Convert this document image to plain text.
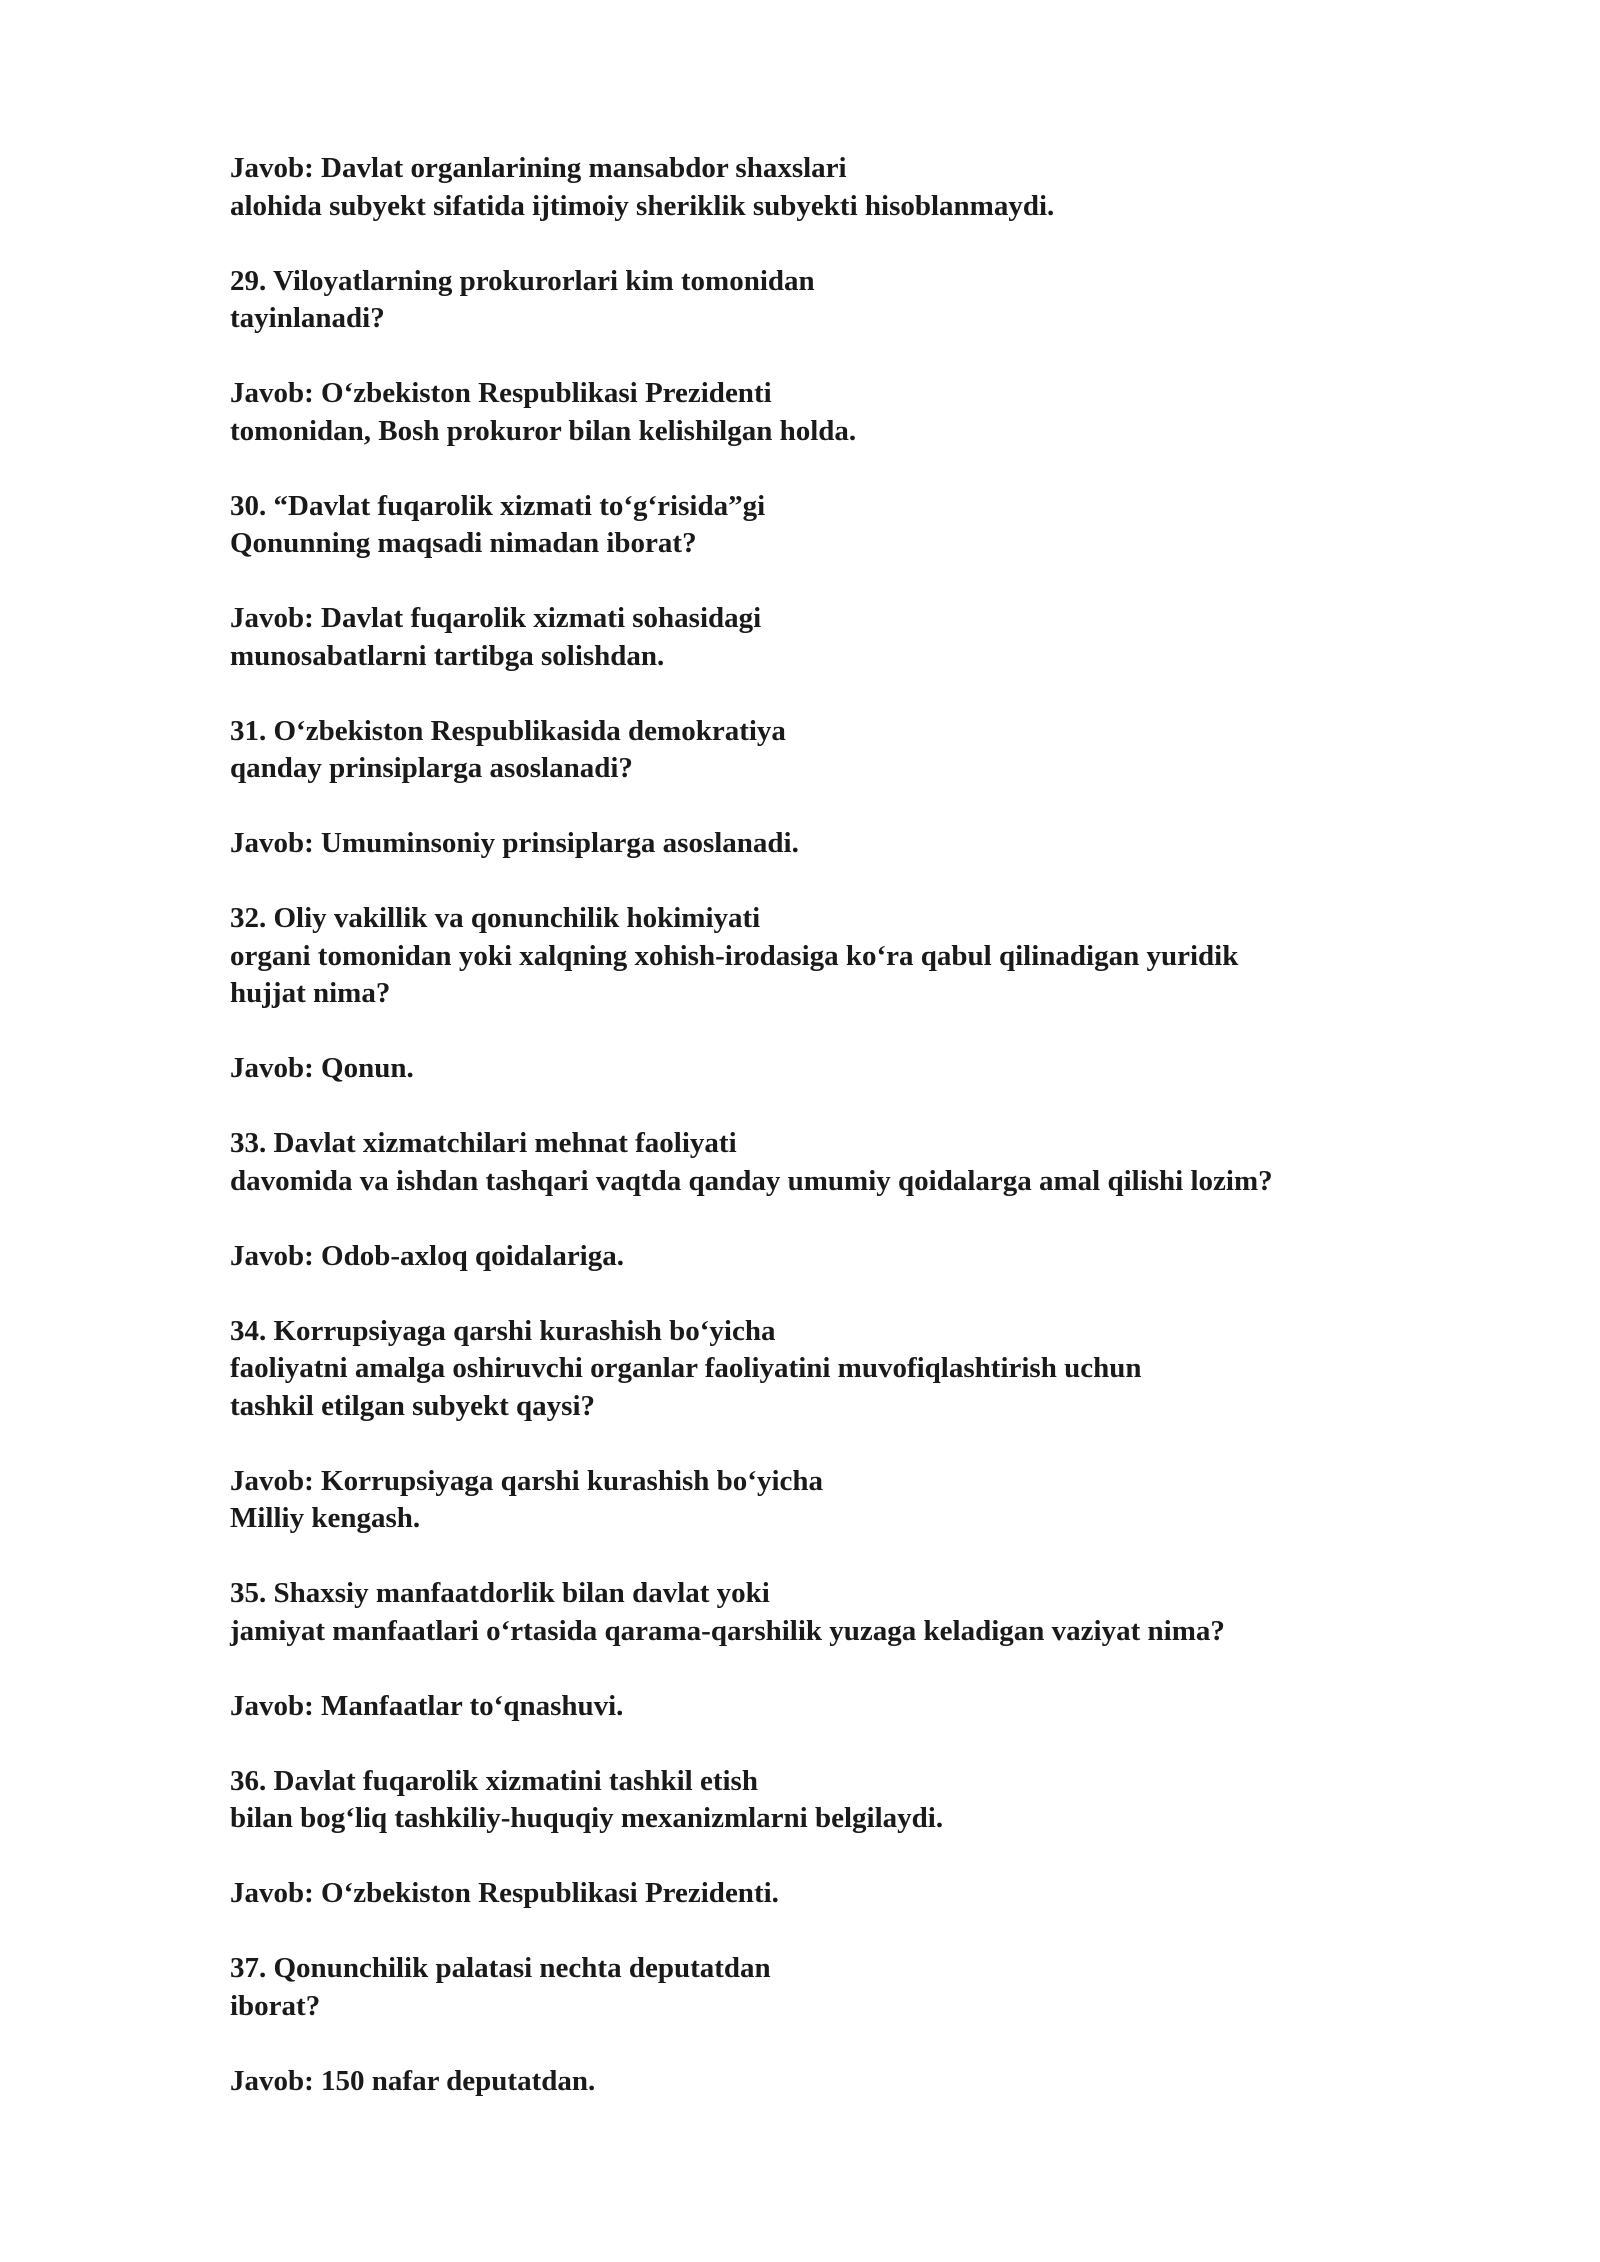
Javob: Davlat organlarining mansabdor shaxslari
alohida subyekt sifatida ijtimoiy sheriklik subyekti hisoblanmaydi.
29. Viloyatlarning prokurorlari kim tomonidan
tayinlanadi?
Javob: O‘zbekiston Respublikasi Prezidenti
tomonidan, Bosh prokuror bilan kelishilgan holda.
30. “Davlat fuqarolik xizmati to‘g‘risida”gi
Qonunning maqsadi nimadan iborat?
Javob: Davlat fuqarolik xizmati sohasidagi
munosabatlarni tartibga solishdan.
31. O‘zbekiston Respublikasida demokratiya
qanday prinsiplarga asoslanadi?
Javob: Umuminsoniy prinsiplarga asoslanadi.
32. Oliy vakillik va qonunchilik hokimiyati
organi tomonidan yoki xalqning xohish-irodasiga ko‘ra qabul qilinadigan yuridik
hujjat nima?
Javob: Qonun.
33. Davlat xizmatchilari mehnat faoliyati
davomida va ishdan tashqari vaqtda qanday umumiy qoidalarga amal qilishi lozim?
Javob: Odob-axloq qoidalariga.
34. Korrupsiyaga qarshi kurashish bo‘yicha
faoliyatni amalga oshiruvchi organlar faoliyatini muvofiqlashtirish uchun
tashkil etilgan subyekt qaysi?
Javob: Korrupsiyaga qarshi kurashish bo‘yicha
Milliy kengash.
35. Shaxsiy manfaatdorlik bilan davlat yoki
jamiyat manfaatlari o‘rtasida qarama-qarshilik yuzaga keladigan vaziyat nima?
Javob: Manfaatlar to‘qnashuvi.
36. Davlat fuqarolik xizmatini tashkil etish
bilan bog‘liq tashkiliy-huquqiy mexanizmlarni belgilaydi.
Javob: O‘zbekiston Respublikasi Prezidenti.
37. Qonunchilik palatasi nechta deputatdan
iborat?
Javob: 150 nafar deputatdan.
